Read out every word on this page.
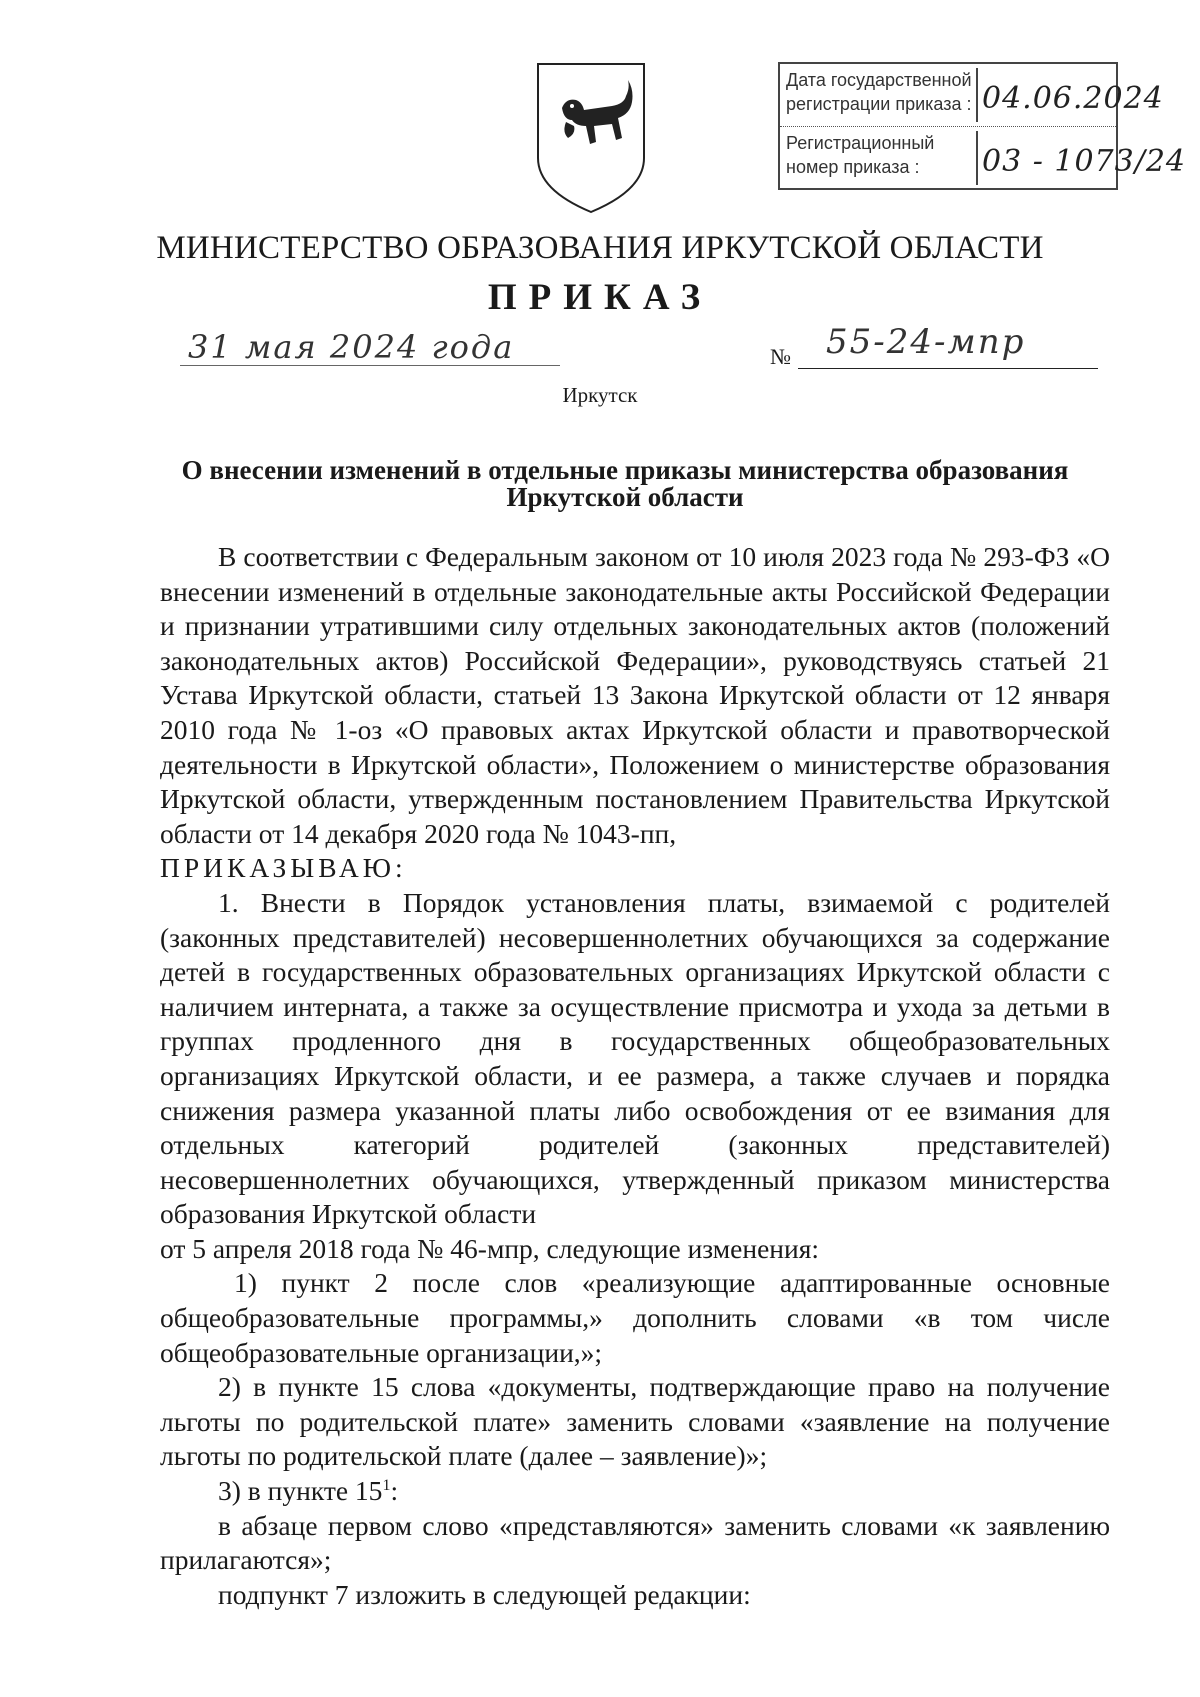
Дата государственной регистрации приказа : 04.06.2024
Регистрационный номер приказа :	03 - 1073/24
МИНИСТЕРСТВО ОБРАЗОВАНИЯ ИРКУТСКОЙ ОБЛАСТИ
ПРИКАЗ
31 мая 2024 года	№ 55-24-мпр
Иркутск
О внесении изменений в отдельные приказы министерства образования Иркутской области

В соответствии с Федеральным законом от 10 июля 2023 года № 293-ФЗ «О внесении изменений в отдельные законодательные акты Российской Федерации и признании утратившими силу отдельных законодательных актов (положений законодательных актов) Российской Федерации», руководствуясь статьей 21 Устава Иркутской области, статьей 13 Закона Иркутской области от 12 января 2010 года № 1-оз «О правовых актах Иркутской области и правотворческой деятельности в Иркутской области», Положением о министерстве образования Иркутской области, утвержденным постановлением Правительства Иркутской области от 14 декабря 2020 года № 1043-пп,

ПРИКАЗЫВАЮ:

1. Внести в Порядок установления платы, взимаемой с родителей (законных представителей) несовершеннолетних обучающихся за содержание детей в государственных образовательных организациях Иркутской области с наличием интерната, а также за осуществление присмотра и ухода за детьми в группах продленного дня в государственных общеобразовательных организациях Иркутской области, и ее размера, а также случаев и порядка снижения размера указанной платы либо освобождения от ее взимания для отдельных категорий родителей (законных представителей) несовершеннолетних обучающихся, утвержденный приказом министерства образования Иркутской области
от 5 апреля 2018 года № 46-мпр, следующие изменения:

1) пункт 2 после слов «реализующие адаптированные основные общеобразовательные программы,» дополнить словами «в том числе общеобразовательные организации,»;

2) в пункте 15 слова «документы, подтверждающие право на получение льготы по родительской плате» заменить словами «заявление на получение льготы по родительской плате (далее – заявление)»;

3) в пункте $15^1$:

в абзаце первом слово «представляются» заменить словами «к заявлению прилагаются»;

подпункт 7 изложить в следующей редакции:
